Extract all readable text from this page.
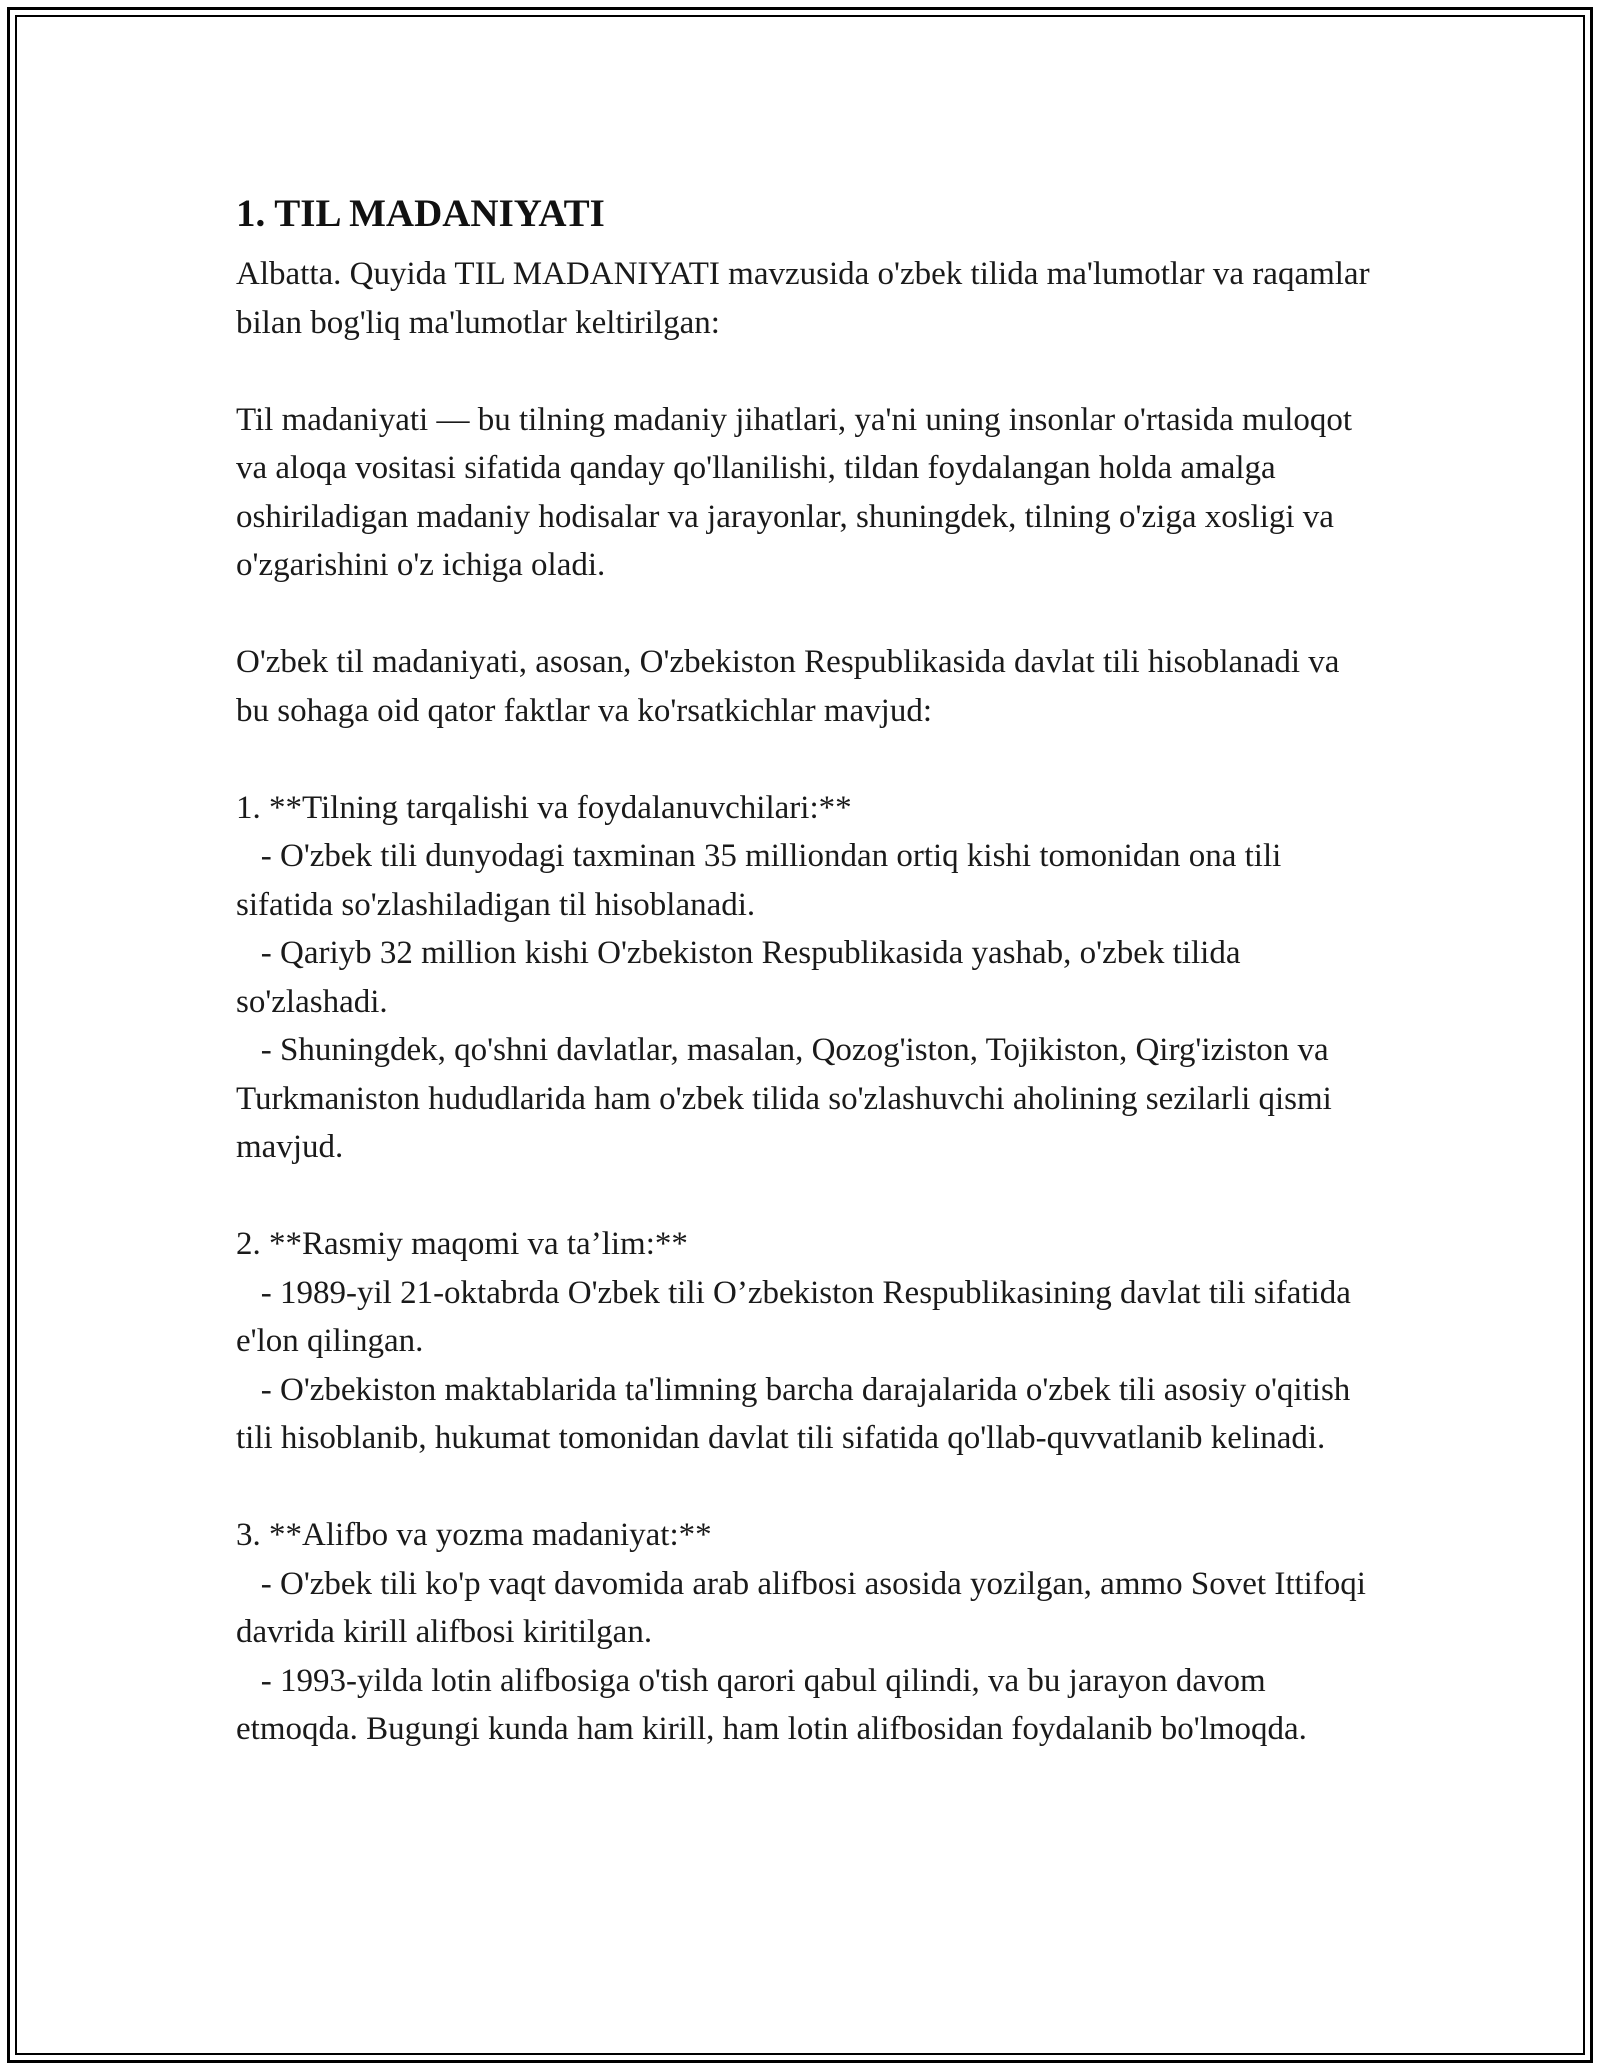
1. TIL MADANIYATI

Albatta. Quyida TIL MADANIYATI mavzusida o'zbek tilida ma'lumotlar va raqamlar bilan bog'liq ma'lumotlar keltirilgan:

Til madaniyati — bu tilning madaniy jihatlari, ya'ni uning insonlar o'rtasida muloqot va aloqa vositasi sifatida qanday qo'llanilishi, tildan foydalangan holda amalga oshiriladigan madaniy hodisalar va jarayonlar, shuningdek, tilning o'ziga xosligi va o'zgarishini o'z ichiga oladi.

O'zbek til madaniyati, asosan, O'zbekiston Respublikasida davlat tili hisoblanadi va bu sohaga oid qator faktlar va ko'rsatkichlar mavjud:

1. **Tilning tarqalishi va foydalanuvchilari:**

- O'zbek tili dunyodagi taxminan 35 milliondan ortiq kishi tomonidan ona tili sifatida so'zlashiladigan til hisoblanadi.

- Qariyb 32 million kishi O'zbekiston Respublikasida yashab, o'zbek tilida so'zlashadi.

- Shuningdek, qo'shni davlatlar, masalan, Qozog'iston, Tojikiston, Qirg'iziston va Turkmaniston hududlarida ham o'zbek tilida so'zlashuvchi aholining sezilarli qismi mavjud.

2. **Rasmiy maqomi va ta’lim:**

- 1989-yil 21-oktabrda O'zbek tili O’zbekiston Respublikasining davlat tili sifatida e'lon qilingan.

- O'zbekiston maktablarida ta'limning barcha darajalarida o'zbek tili asosiy o'qitish tili hisoblanib, hukumat tomonidan davlat tili sifatida qo'llab-quvvatlanib kelinadi.

3. **Alifbo va yozma madaniyat:**

- O'zbek tili ko'p vaqt davomida arab alifbosi asosida yozilgan, ammo Sovet Ittifoqi davrida kirill alifbosi kiritilgan.

- 1993-yilda lotin alifbosiga o'tish qarori qabul qilindi, va bu jarayon davom etmoqda. Bugungi kunda ham kirill, ham lotin alifbosidan foydalanib bo'lmoqda.
